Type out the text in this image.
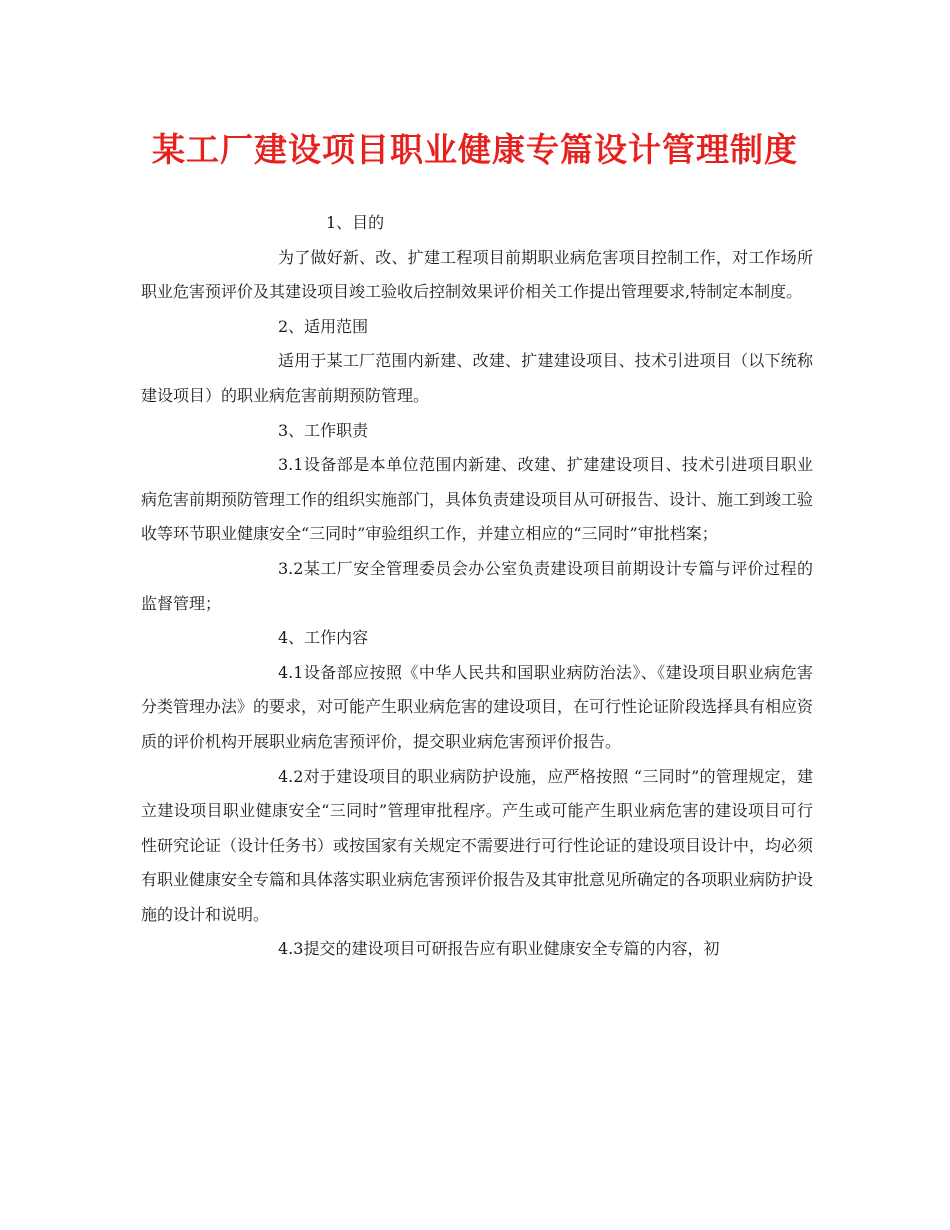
某工厂建设项目职业健康专篇设计管理制度

1、目的

为了做好新、改、扩建工程项目前期职业病危害项目控制工作，对工作场所职业危害预评价及其建设项目竣工验收后控制效果评价相关工作提出管理要求,特制定本制度。

2、适用范围

适用于某工厂范围内新建、改建、扩建建设项目、技术引进项目（以下统称建设项目）的职业病危害前期预防管理。

3、工作职责

3.1设备部是本单位范围内新建、改建、扩建建设项目、技术引进项目职业病危害前期预防管理工作的组织实施部门，具体负责建设项目从可研报告、设计、施工到竣工验收等环节职业健康安全“三同时”审验组织工作，并建立相应的“三同时”审批档案；

3.2某工厂安全管理委员会办公室负责建设项目前期设计专篇与评价过程的监督管理；

4、工作内容

4.1设备部应按照《中华人民共和国职业病防治法》、《建设项目职业病危害分类管理办法》的要求，对可能产生职业病危害的建设项目，在可行性论证阶段选择具有相应资质的评价机构开展职业病危害预评价，提交职业病危害预评价报告。

4.2对于建设项目的职业病防护设施，应严格按照 “三同时”的管理规定，建立建设项目职业健康安全“三同时”管理审批程序。产生或可能产生职业病危害的建设项目可行性研究论证（设计任务书）或按国家有关规定不需要进行可行性论证的建设项目设计中，均必须有职业健康安全专篇和具体落实职业病危害预评价报告及其审批意见所确定的各项职业病防护设施的设计和说明。

4.3提交的建设项目可研报告应有职业健康安全专篇的内容，初
